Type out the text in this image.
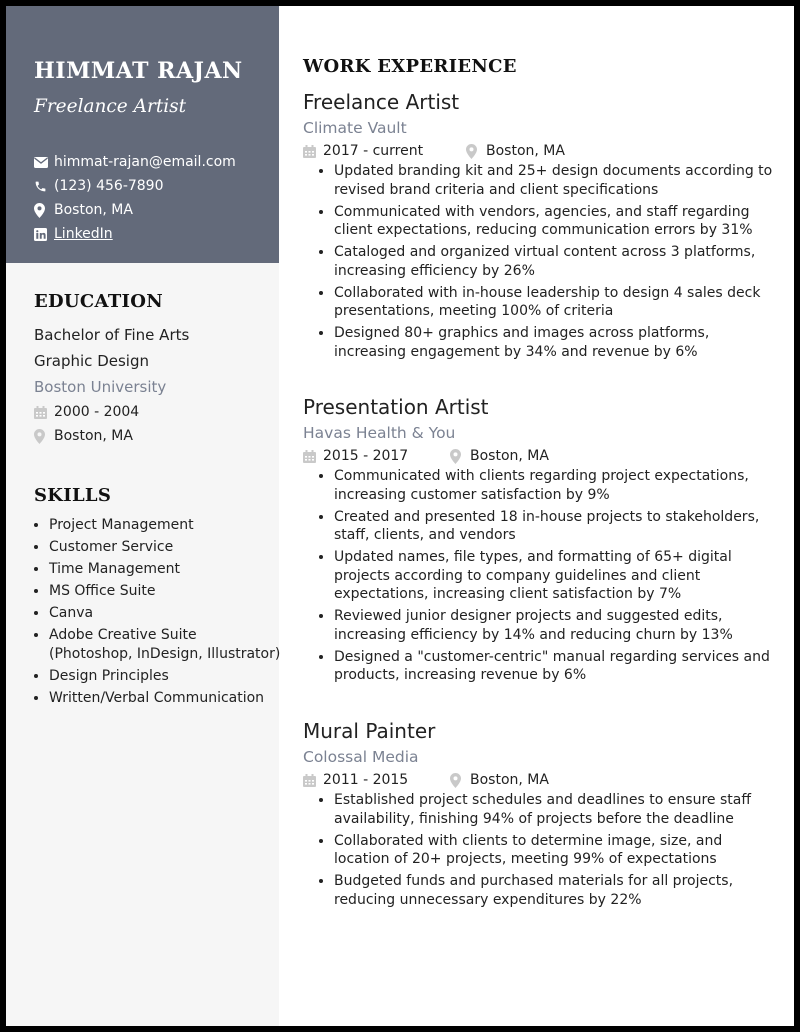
HIMMAT RAJAN
Freelance Artist
himmat-rajan@email.com
(123) 456-7890
Boston, MA
LinkedIn
EDUCATION
Bachelor of Fine Arts
Graphic Design
Boston University
2000 - 2004
Boston, MA
SKILLS
• Project Management
• Customer Service
• Time Management
• MS Office Suite
• Canva
• Adobe Creative Suite (Photoshop, InDesign, Illustrator)
• Design Principles
• Written/Verbal Communication
WORK EXPERIENCE
Freelance Artist
Climate Vault
2017 - current	Boston, MA
• Updated branding kit and 25+ design documents according to revised brand criteria and client specifications
• Communicated with vendors, agencies, and staff regarding client expectations, reducing communication errors by 31%
• Cataloged and organized virtual content across 3 platforms, increasing efficiency by 26%
• Collaborated with in-house leadership to design 4 sales deck presentations, meeting 100% of criteria
• Designed 80+ graphics and images across platforms, increasing engagement by 34% and revenue by 6%
Presentation Artist
Havas Health & You
2015 - 2017	Boston, MA
• Communicated with clients regarding project expectations, increasing customer satisfaction by 9%
• Created and presented 18 in-house projects to stakeholders, staff, clients, and vendors
• Updated names, file types, and formatting of 65+ digital projects according to company guidelines and client expectations, increasing client satisfaction by 7%
• Reviewed junior designer projects and suggested edits, increasing efficiency by 14% and reducing churn by 13%
• Designed a "customer-centric" manual regarding services and products, increasing revenue by 6%
Mural Painter
Colossal Media
2011 - 2015	Boston, MA
• Established project schedules and deadlines to ensure staff availability, finishing 94% of projects before the deadline
• Collaborated with clients to determine image, size, and location of 20+ projects, meeting 99% of expectations
• Budgeted funds and purchased materials for all projects, reducing unnecessary expenditures by 22%
